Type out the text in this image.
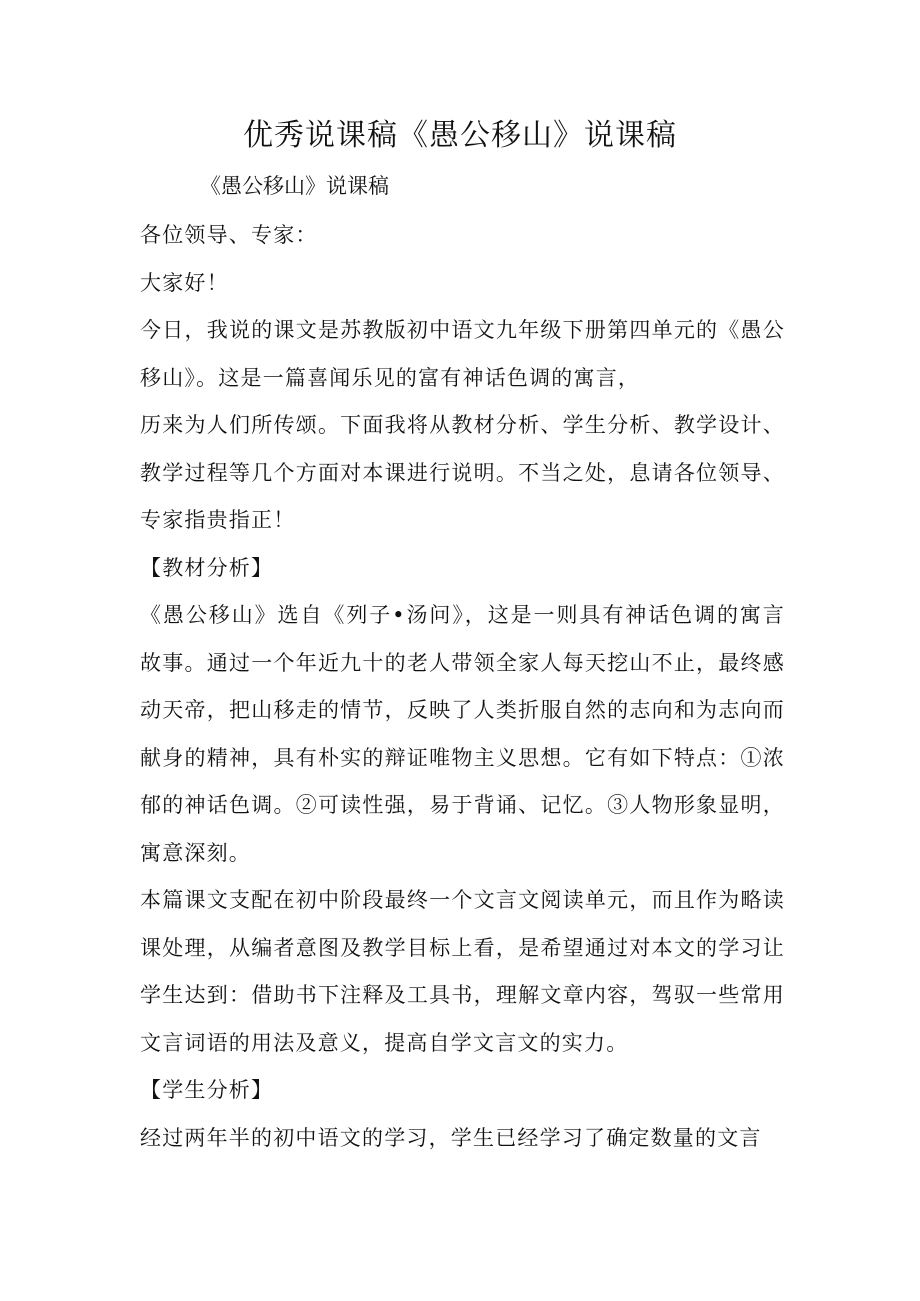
优秀说课稿《愚公移山》说课稿
《愚公移山》说课稿

各位领导、专家：

大家好！

今日，我说的课文是苏教版初中语文九年级下册第四单元的《愚公移山》。这是一篇喜闻乐见的富有神话色调的寓言，

历来为人们所传颂。下面我将从教材分析、学生分析、教学设计、教学过程等几个方面对本课进行说明。不当之处，息请各位领导、专家指贵指正！

【教材分析】

《愚公移山》选自《列子•汤问》，这是一则具有神话色调的寓言故事。通过一个年近九十的老人带领全家人每天挖山不止，最终感动天帝，把山移走的情节，反映了人类折服自然的志向和为志向而献身的精神，具有朴实的辩证唯物主义思想。它有如下特点：①浓郁的神话色调。②可读性强，易于背诵、记忆。③人物形象显明，寓意深刻。

本篇课文支配在初中阶段最终一个文言文阅读单元，而且作为略读课处理，从编者意图及教学目标上看，是希望通过对本文的学习让学生达到：借助书下注释及工具书，理解文章内容，驾驭一些常用文言词语的用法及意义，提高自学文言文的实力。

【学生分析】

经过两年半的初中语文的学习，学生已经学习了确定数量的文言
